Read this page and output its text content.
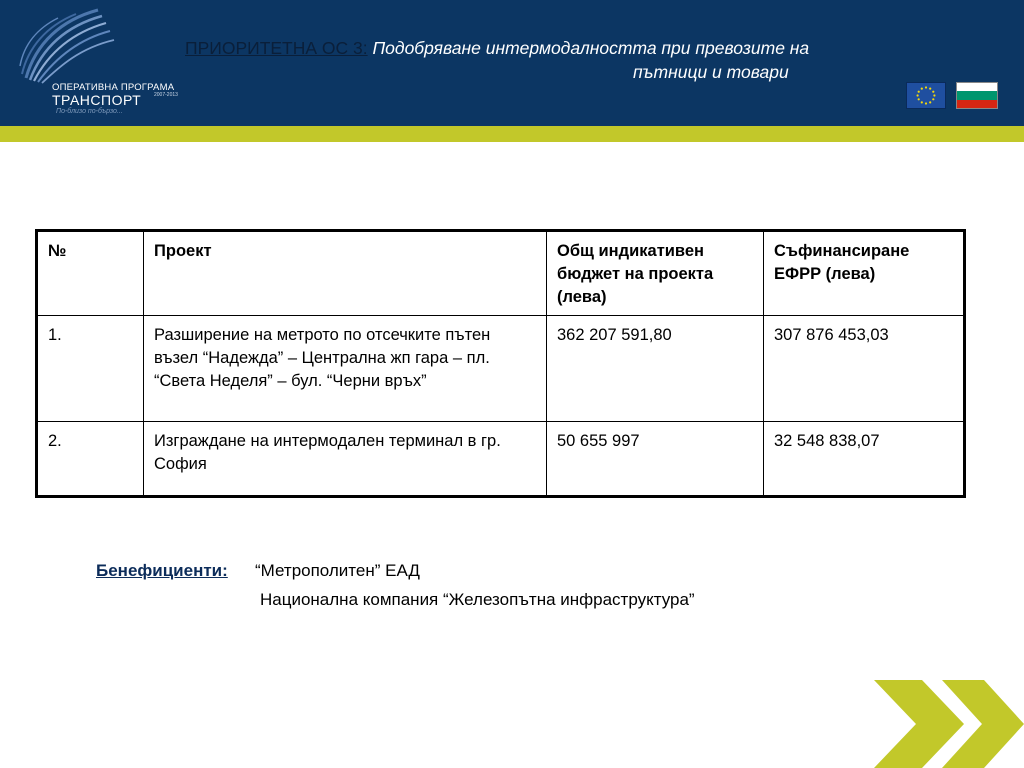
ОПЕРАТИВНА ПРОГРАМА
ТРАНСПОРТ	2007-2013
По-близо по-бързо...
ПРИОРИТЕТНА ОС 3: Подобряване интермодалността при превозите на
пътници и товари
№	Проект	Общ индикативен бюджет на проекта (лева)	Съфинансиране ЕФРР (лева)
1.	Разширение на метрото по отсечките пътен възел “Надежда” – Централна жп гара – пл. “Света Неделя” – бул. “Черни връх”	362 207 591,80	307 876 453,03
2.	Изграждане на интермодален терминал в гр. София	50 655 997	32 548 838,07
Бенефициенти: “Метрополитен” ЕАД
Национална компания “Железопътна инфраструктура”
